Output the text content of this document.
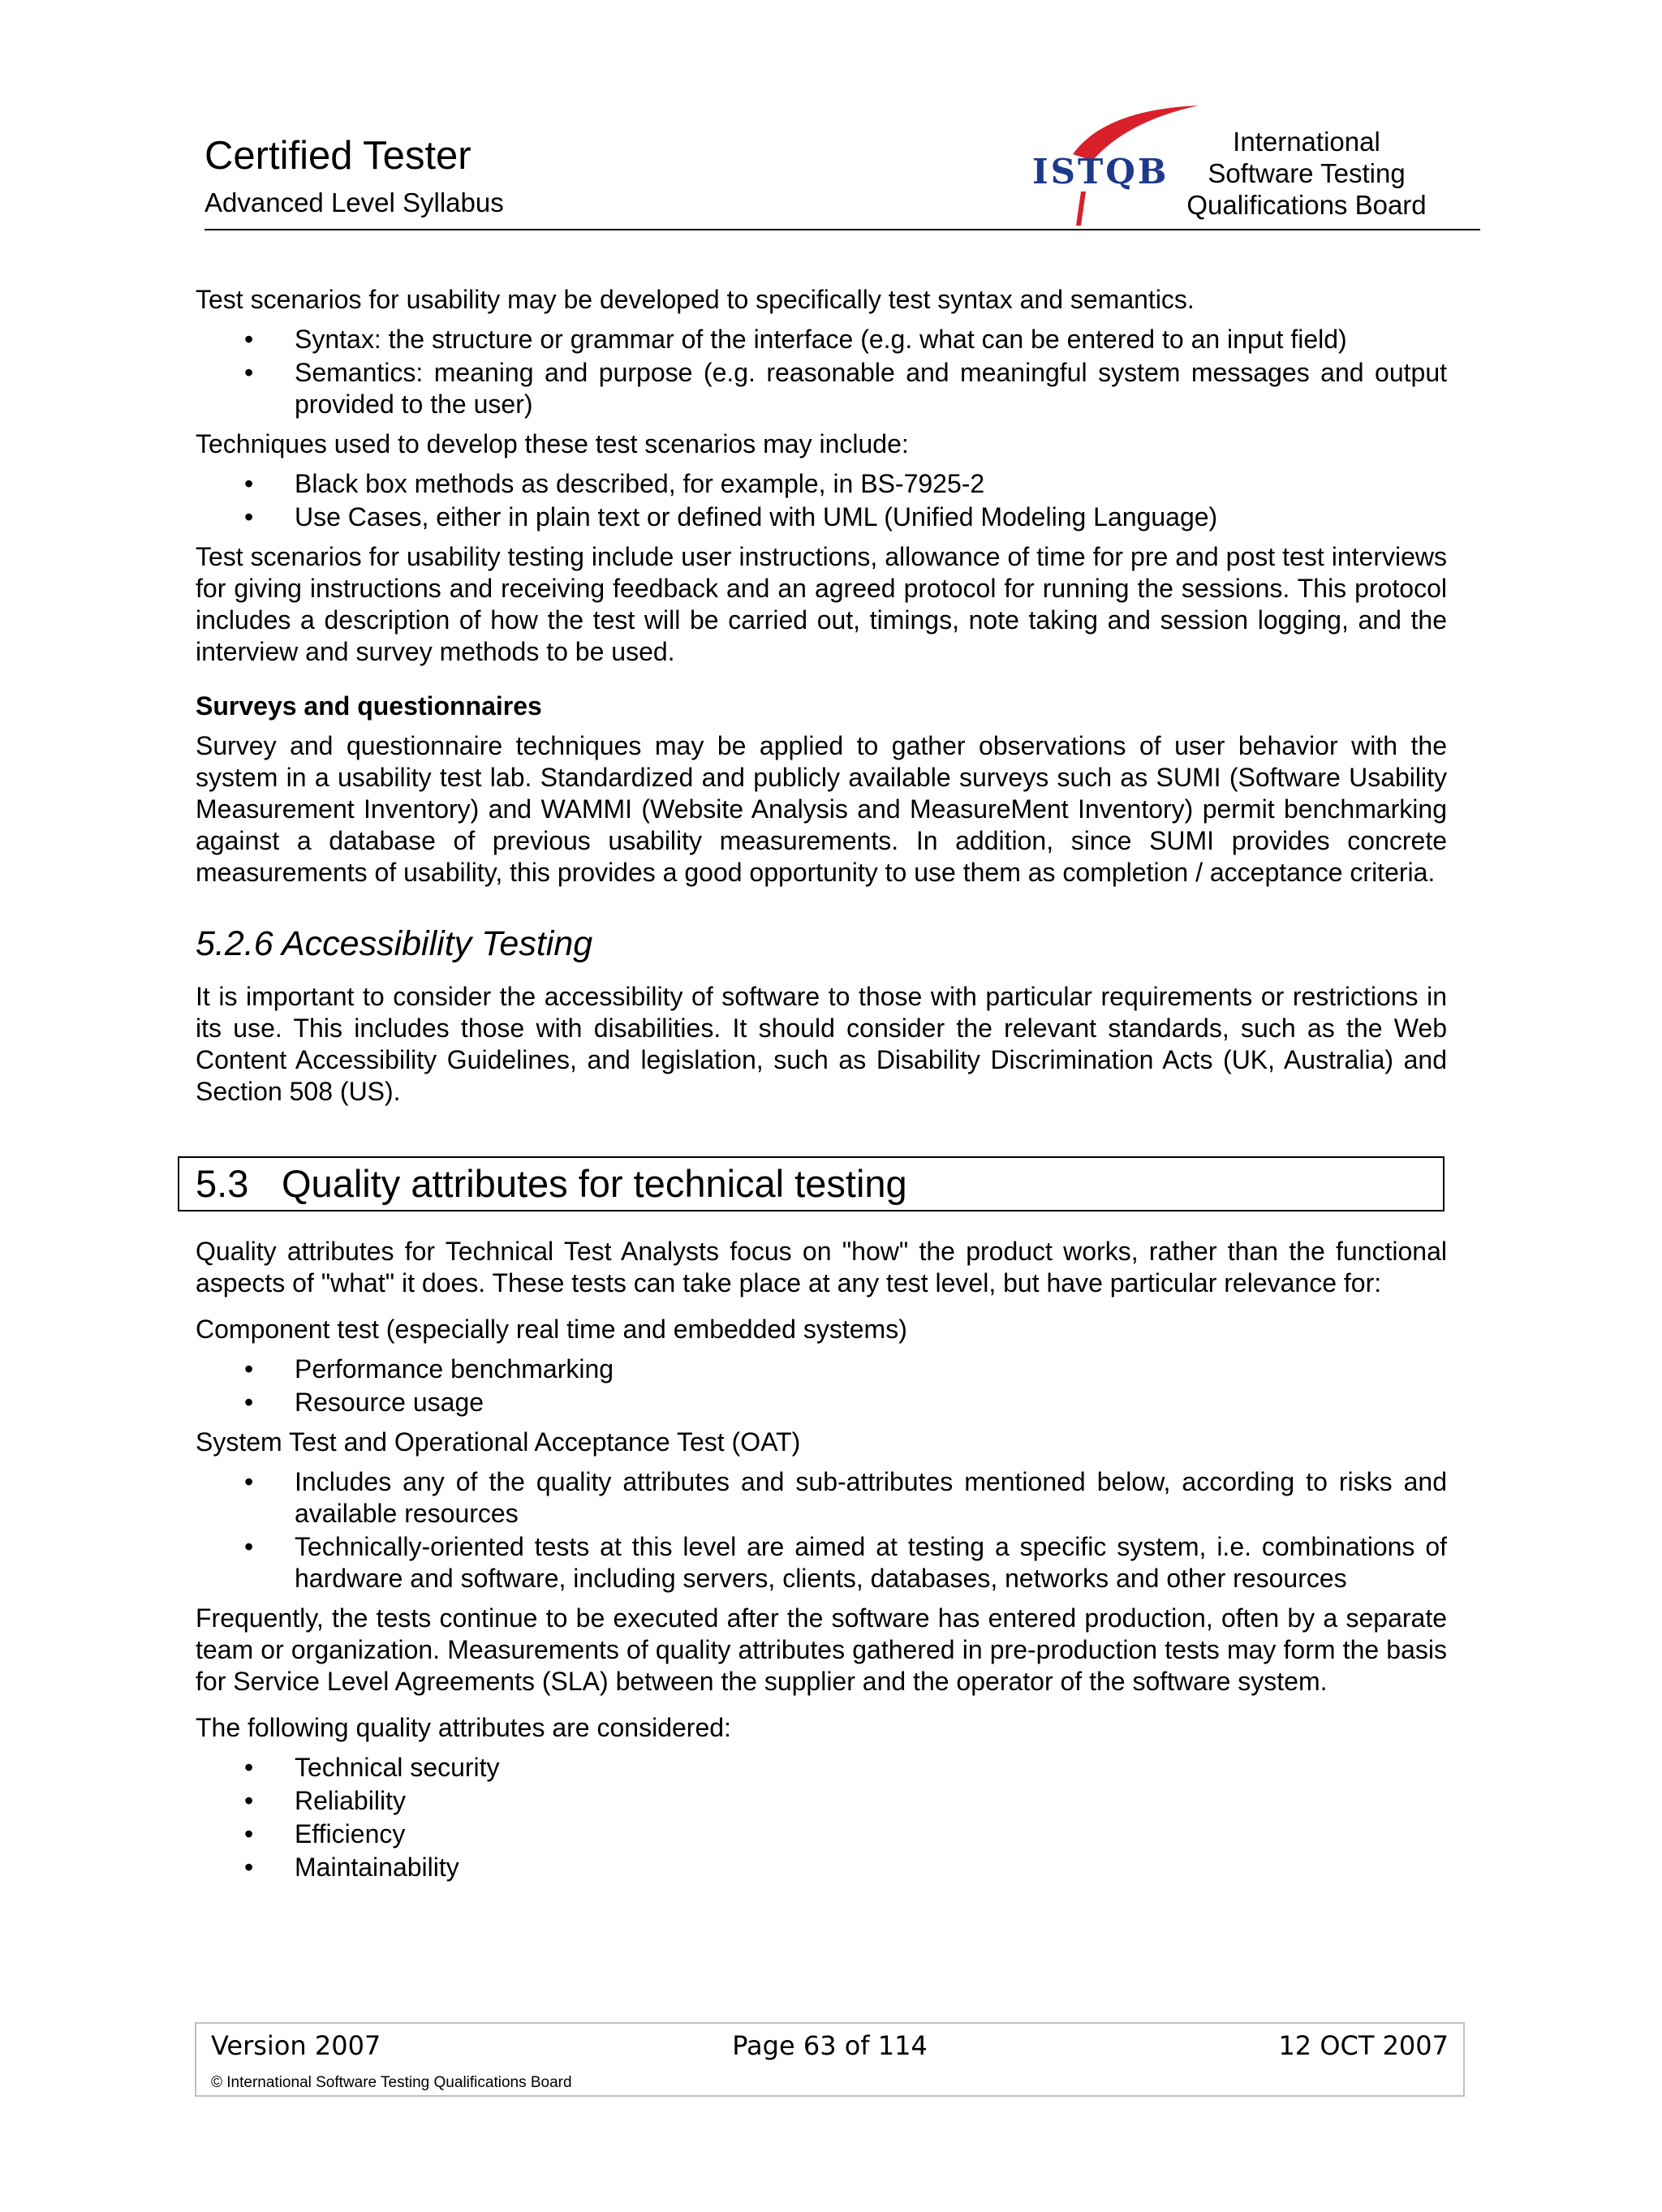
Certified Tester
Advanced Level Syllabus
ISTQB
International
Software Testing
Qualifications Board

Test scenarios for usability may be developed to specifically test syntax and semantics.

• Syntax: the structure or grammar of the interface (e.g. what can be entered to an input field)
• Semantics: meaning and purpose (e.g. reasonable and meaningful system messages and output provided to the user)

Techniques used to develop these test scenarios may include:

• Black box methods as described, for example, in BS-7925-2
• Use Cases, either in plain text or defined with UML (Unified Modeling Language)

Test scenarios for usability testing include user instructions, allowance of time for pre and post test interviews for giving instructions and receiving feedback and an agreed protocol for running the sessions. This protocol includes a description of how the test will be carried out, timings, note taking and session logging, and the interview and survey methods to be used.

Surveys and questionnaires

Survey and questionnaire techniques may be applied to gather observations of user behavior with the system in a usability test lab. Standardized and publicly available surveys such as SUMI (Software Usability Measurement Inventory) and WAMMI (Website Analysis and MeasureMent Inventory) permit benchmarking against a database of previous usability measurements. In addition, since SUMI provides concrete measurements of usability, this provides a good opportunity to use them as completion / acceptance criteria.

5.2.6 Accessibility Testing

It is important to consider the accessibility of software to those with particular requirements or restrictions in its use. This includes those with disabilities. It should consider the relevant standards, such as the Web Content Accessibility Guidelines, and legislation, such as Disability Discrimination Acts (UK, Australia) and Section 508 (US).

5.3 Quality attributes for technical testing

Quality attributes for Technical Test Analysts focus on "how" the product works, rather than the functional aspects of "what" it does. These tests can take place at any test level, but have particular relevance for:

Component test (especially real time and embedded systems)

• Performance benchmarking
• Resource usage

System Test and Operational Acceptance Test (OAT)

• Includes any of the quality attributes and sub-attributes mentioned below, according to risks and available resources
• Technically-oriented tests at this level are aimed at testing a specific system, i.e. combinations of hardware and software, including servers, clients, databases, networks and other resources

Frequently, the tests continue to be executed after the software has entered production, often by a separate team or organization. Measurements of quality attributes gathered in pre-production tests may form the basis for Service Level Agreements (SLA) between the supplier and the operator of the software system.

The following quality attributes are considered:

• Technical security
• Reliability
• Efficiency
• Maintainability
Page 63 of 114
Version 2007	12 OCT 2007
© International Software Testing Qualifications Board
